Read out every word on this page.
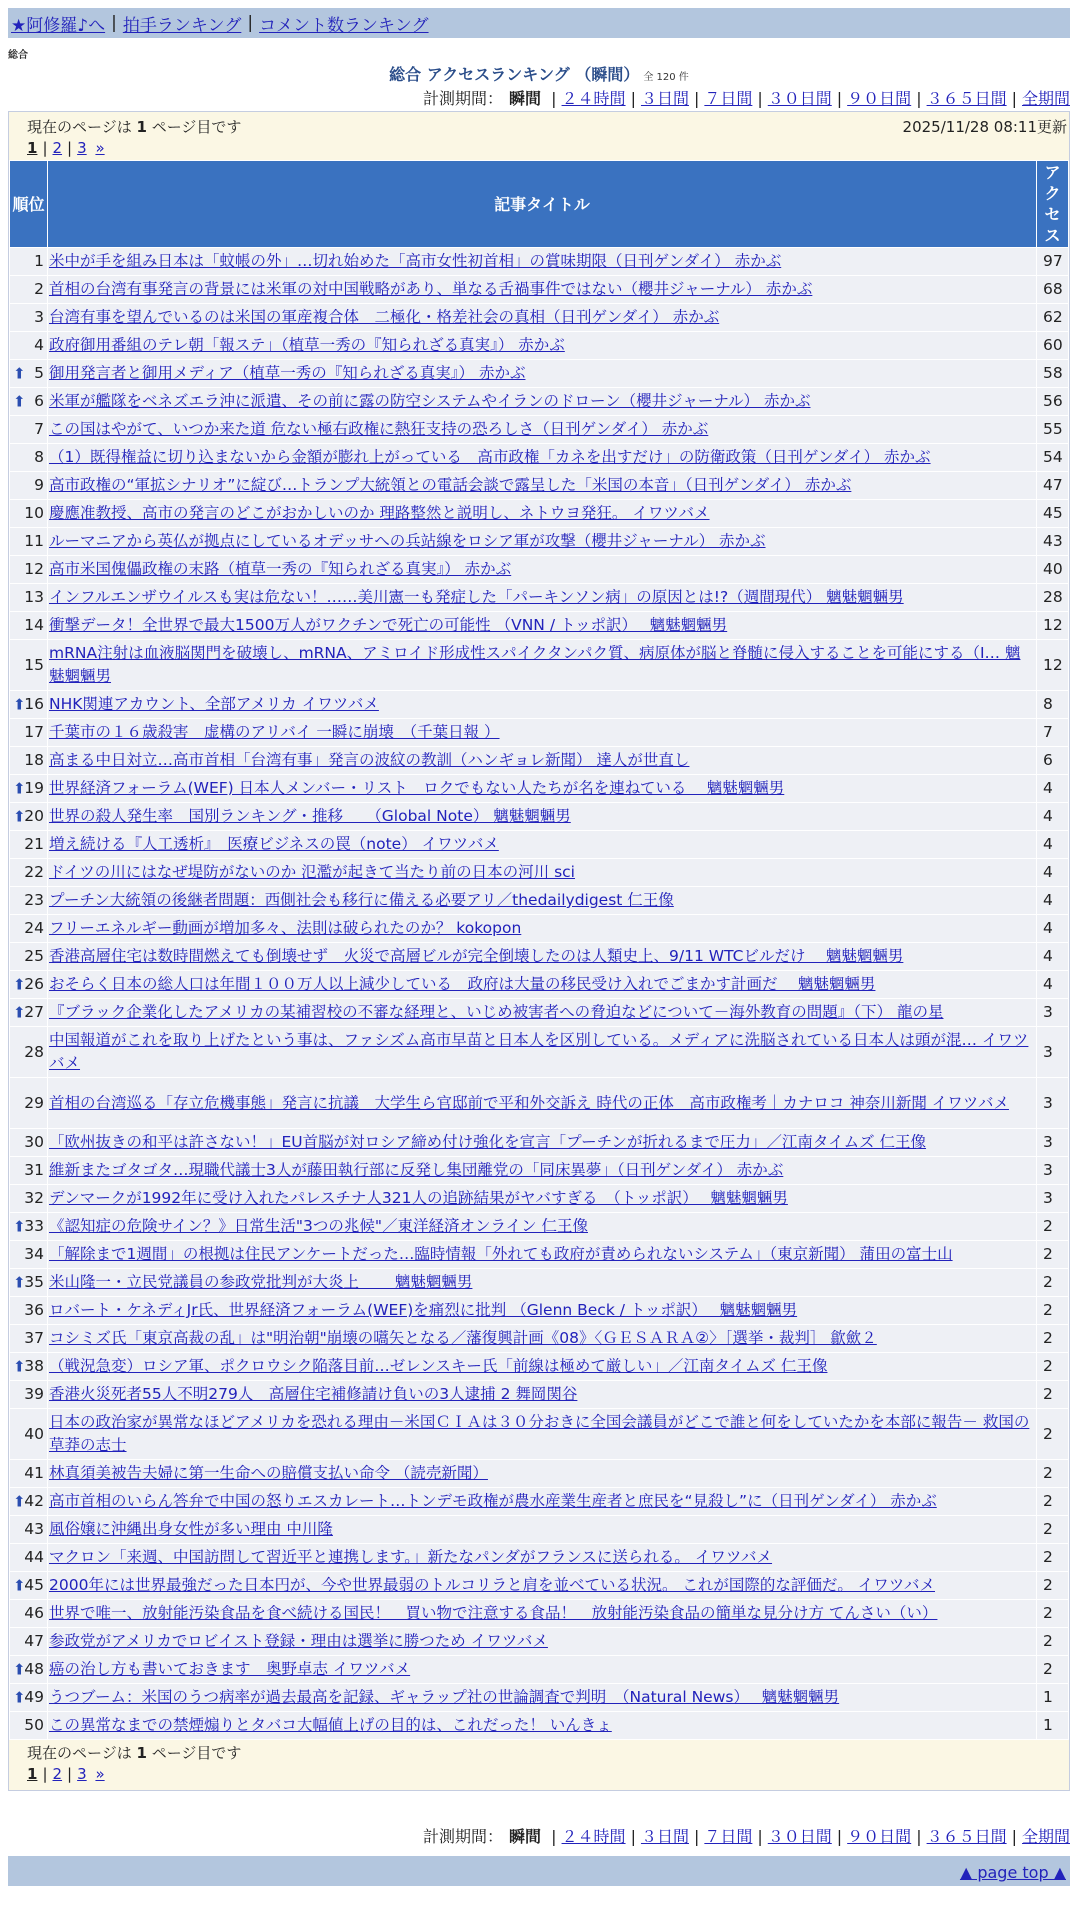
★阿修羅♪へ | 拍手ランキング | コメント数ランキング
総合
総合 アクセスランキング （瞬間） 全 120 件
計測期間： 瞬間 | ２４時間 | ３日間 | ７日間 | ３０日間 | ９０日間 | ３６５日間 | 全期間
現在のページは 1 ページ目です	2025/11/28 08:11更新
1 | 2 | 3 »
順位	記事タイトル	アクセス
1	米中が手を組み日本は「蚊帳の外」…切れ始めた「高市女性初首相」の賞味期限（日刊ゲンダイ） 赤かぶ	97
2	首相の台湾有事発言の背景には米軍の対中国戦略があり、単なる舌禍事件ではない（櫻井ジャーナル） 赤かぶ	68
3	台湾有事を望んでいるのは米国の軍産複合体　二極化・格差社会の真相（日刊ゲンダイ） 赤かぶ	62
4	政府御用番組のテレ朝「報ステ」（植草一秀の『知られざる真実』） 赤かぶ	60

⬆ 5	御用発言者と御用メディア（植草一秀の『知られざる真実』） 赤かぶ	58

⬆ 6	米軍が艦隊をベネズエラ沖に派遣、その前に露の防空システムやイランのドローン（櫻井ジャーナル） 赤かぶ	56
7	この国はやがて、いつか来た道 危ない極右政権に熱狂支持の恐ろしさ（日刊ゲンダイ） 赤かぶ	55
8	（1）既得権益に切り込まないから金額が膨れ上がっている　高市政権「カネを出すだけ」の防衛政策（日刊ゲンダイ） 赤かぶ	54
9	高市政権の“軍拡シナリオ”に綻び…トランプ大統領との電話会談で露呈した「米国の本音」（日刊ゲンダイ） 赤かぶ	47
10	慶應准教授、高市の発言のどこがおかしいのか 理路整然と説明し、ネトウヨ発狂。 イワツバメ	45
11	ルーマニアから英仏が拠点にしているオデッサへの兵站線をロシア軍が攻撃（櫻井ジャーナル） 赤かぶ	43
12	高市米国傀儡政権の末路（植草一秀の『知られざる真実』） 赤かぶ	40
13	インフルエンザウイルスも実は危ない！……美川憲一も発症した「パーキンソン病」の原因とは!?（週間現代） 魑魅魍魎男	28
14	衝撃データ！全世界で最大1500万人がワクチンで死亡の可能性 （VNN / トッポ訳）　 魑魅魍魎男	12
15	mRNA注射は血液脳関門を破壊し、mRNA、アミロイド形成性スパイクタンパク質、病原体が脳と脊髄に侵入することを可能にする（I… 魑魅魍魎男	12

⬆
16	NHK関連アカウント、全部アメリカ イワツバメ	8
17	千葉市の１６歳殺害　虚構のアリバイ 一瞬に崩壊　（千葉日報 ）	7
18	高まる中日対立…高市首相「台湾有事」発言の波紋の教訓（ハンギョレ新聞） 達人が世直し	6

⬆
19	世界経済フォーラム(WEF) 日本人メンバー・リスト　ロクでもない人たちが名を連ねている　 魑魅魍魎男	4

⬆
20	世界の殺人発生率　国別ランキング・推移　　（Global Note） 魑魅魍魎男	4
21	増え続ける『人工透析』　医療ビジネスの罠（note） イワツバメ	4
22	ドイツの川にはなぜ堤防がないのか 氾濫が起きて当たり前の日本の河川 sci	4
23	プーチン大統領の後継者問題：西側社会も移行に備える必要アリ／thedailydigest 仁王像	4
24	フリーエネルギー動画が増加多々、法則は破られたのか？ kokopon	4
25	香港高層住宅は数時間燃えても倒壊せず　火災で高層ビルが完全倒壊したのは人類史上、9/11 WTCビルだけ　 魑魅魍魎男	4

⬆
26	おそらく日本の総人口は年間１００万人以上減少している　政府は大量の移民受け入れでごまかす計画だ　 魑魅魍魎男	4

⬆
27	『ブラック企業化したアメリカの某補習校の不審な経理と、いじめ被害者への脅迫などについて－海外教育の問題』（下） 龍の星	3
28	中国報道がこれを取り上げたという事は、ファシズム高市早苗と日本人を区別している。メディアに洗脳されている日本人は頭が混… イワツバメ	3
29	首相の台湾巡る「存立危機事態」発言に抗議　大学生ら官邸前で平和外交訴え 時代の正体　高市政権考｜カナロコ 神奈川新聞 イワツバメ	3
30	「欧州抜きの和平は許さない！」EU首脳が対ロシア締め付け強化を宣言「プーチンが折れるまで圧力」／江南タイムズ 仁王像	3
31	維新またゴタゴタ…現職代議士3人が藤田執行部に反発し集団離党の「同床異夢」（日刊ゲンダイ） 赤かぶ	3
32	デンマークが1992年に受け入れたパレスチナ人321人の追跡結果がヤバすぎる　（トッポ訳）　 魑魅魍魎男	3

⬆
33	《認知症の危険サイン？》日常生活"3つの兆候"／東洋経済オンライン 仁王像	2
34	「解除まで1週間」の根拠は住民アンケートだった…臨時情報「外れても政府が責められないシステム」（東京新聞） 蒲田の富士山	2

⬆
35	米山隆一・立民党議員の参政党批判が大炎上　　 魑魅魍魎男	2
36	ロバート・ケネディJr氏、世界経済フォーラム(WEF)を痛烈に批判 （Glenn Beck / トッポ訳）　 魑魅魍魎男	2
37	コシミズ氏「東京高裁の乱」は"明治朝"崩壊の嚆矢となる／藩復興計画《08》〈ＧＥＳＡＲＡ②〉［選挙・裁判］ 歙歛２	2

⬆
38	（戦況急変）ロシア軍、ポクロウシク陥落目前…ゼレンスキー氏「前線は極めて厳しい」／江南タイムズ 仁王像	2
39	香港火災死者55人不明279人　高層住宅補修請け負いの3人逮捕 2 舞岡関谷	2
40	日本の政治家が異常なほどアメリカを恐れる理由－米国ＣＩＡは３０分おきに全国会議員がどこで誰と何をしていたかを本部に報告－ 救国の草莽の志士	2
41	林真須美被告夫婦に第一生命への賠償支払い命令 （読売新聞）	2

⬆
42	高市首相のいらん答弁で中国の怒りエスカレート…トンデモ政権が農水産業生産者と庶民を“見殺し”に（日刊ゲンダイ） 赤かぶ	2
43	風俗嬢に沖縄出身女性が多い理由 中川隆	2
44	マクロン「来週、中国訪問して習近平と連携します。」新たなパンダがフランスに送られる。 イワツバメ	2

⬆
45	2000年には世界最強だった日本円が、今や世界最弱のトルコリラと肩を並べている状況。 これが国際的な評価だ。 イワツバメ	2
46	世界で唯一、放射能汚染食品を食べ続ける国民！　買い物で注意する食品！　放射能汚染食品の簡単な見分け方 てんさい（い）	2
47	参政党がアメリカでロビイスト登録・理由は選挙に勝つため イワツバメ	2

⬆
48	癌の治し方も書いておきます　奥野卓志 イワツバメ	2

⬆
49	うつブーム：米国のうつ病率が過去最高を記録、ギャラップ社の世論調査で判明　（Natural News）　 魑魅魍魎男	1
50	この異常なまでの禁煙煽りとタバコ大幅値上げの目的は、これだった！ いんきょ	1
現在のページは 1 ページ目です
1 | 2 | 3 »
計測期間： 瞬間 | ２４時間 | ３日間 | ７日間 | ３０日間 | ９０日間 | ３６５日間 | 全期間
▲ page top ▲
